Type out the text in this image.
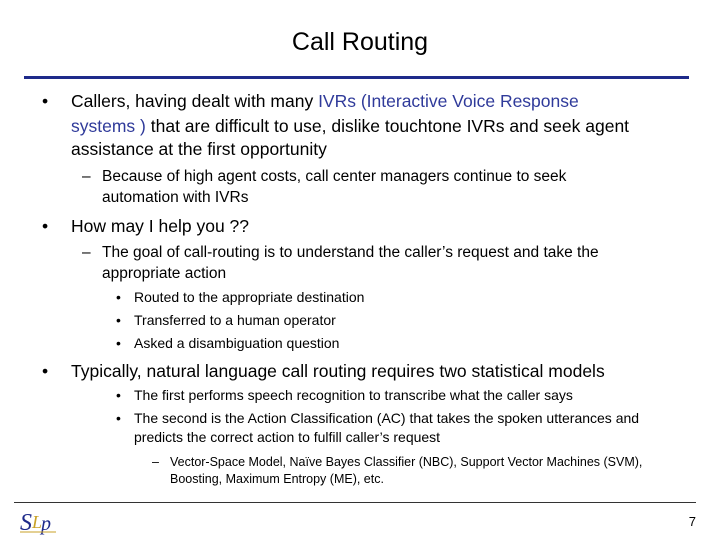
Call Routing
• Callers, having dealt with many IVRs (Interactive Voice Response
systems ) that are difficult to use, dislike touchtone IVRs and seek agent
assistance at the first opportunity
– Because of high agent costs, call center managers continue to seek
automation with IVRs
• How may I help you ??
– The goal of call-routing is to understand the caller’s request and take the
appropriate action
• Routed to the appropriate destination
• Transferred to a human operator
• Asked a disambiguation question
• Typically, natural language call routing requires two statistical models
• The first performs speech recognition to transcribe what the caller says
• The second is the Action Classification (AC) that takes the spoken utterances and
predicts the correct action to fulfill caller’s request
– Vector-Space Model, Naïve Bayes Classifier (NBC), Support Vector Machines (SVM),
Boosting, Maximum Entropy (ME), etc.
S L
p	7
